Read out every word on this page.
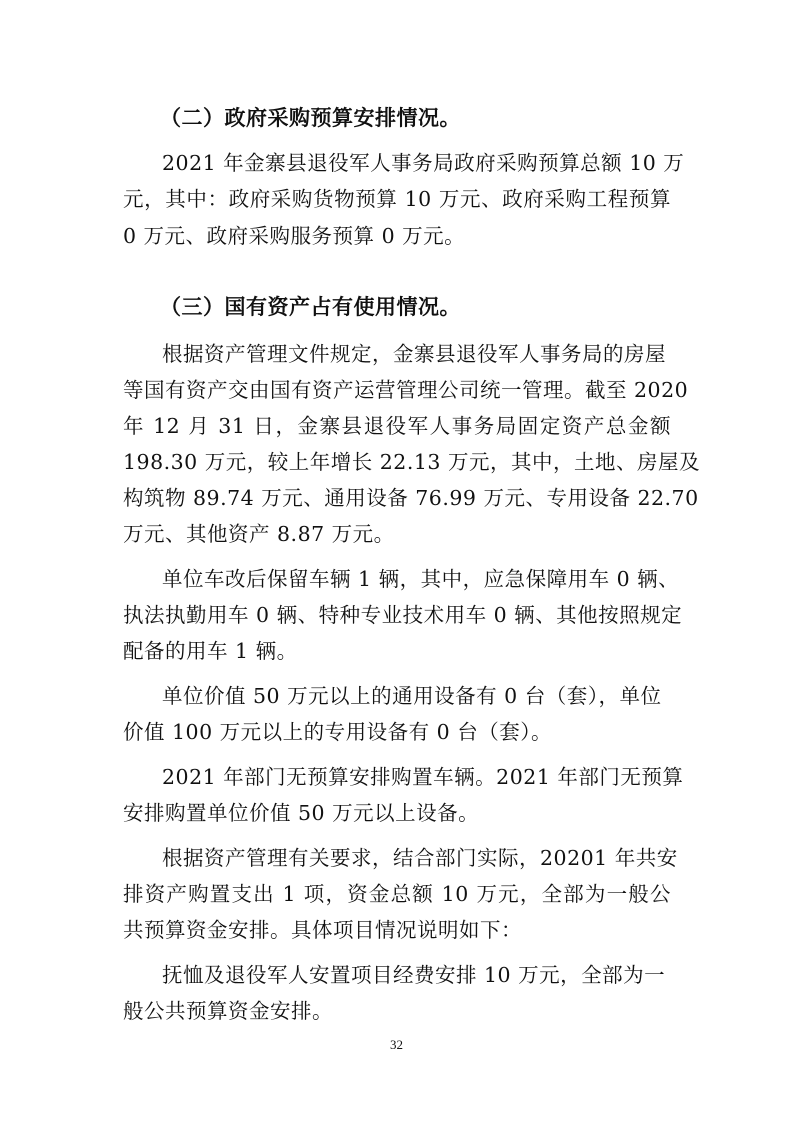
（二）政府采购预算安排情况。
2021 年金寨县退役军人事务局政府采购预算总额 10 万
元，其中：政府采购货物预算 10 万元、政府采购工程预算
0 万元、政府采购服务预算 0 万元。
（三）国有资产占有使用情况。
根据资产管理文件规定，金寨县退役军人事务局的房屋
等国有资产交由国有资产运营管理公司统一管理。截至 2020
年 12 月 31 日，金寨县退役军人事务局固定资产总金额
198.30 万元，较上年增长 22.13 万元，其中，土地、房屋及
构筑物 89.74 万元、通用设备 76.99 万元、专用设备 22.70
万元、其他资产 8.87 万元。
单位车改后保留车辆 1 辆，其中，应急保障用车 0 辆、
执法执勤用车 0 辆、特种专业技术用车 0 辆、其他按照规定
配备的用车 1 辆。
单位价值 50 万元以上的通用设备有 0 台（套），单位
价值 100 万元以上的专用设备有 0 台（套）。
2021 年部门无预算安排购置车辆。2021 年部门无预算
安排购置单位价值 50 万元以上设备。
根据资产管理有关要求，结合部门实际，20201 年共安
排资产购置支出 1 项，资金总额 10 万元，全部为一般公
共预算资金安排。具体项目情况说明如下：
抚恤及退役军人安置项目经费安排 10 万元，全部为一
般公共预算资金安排。
32
